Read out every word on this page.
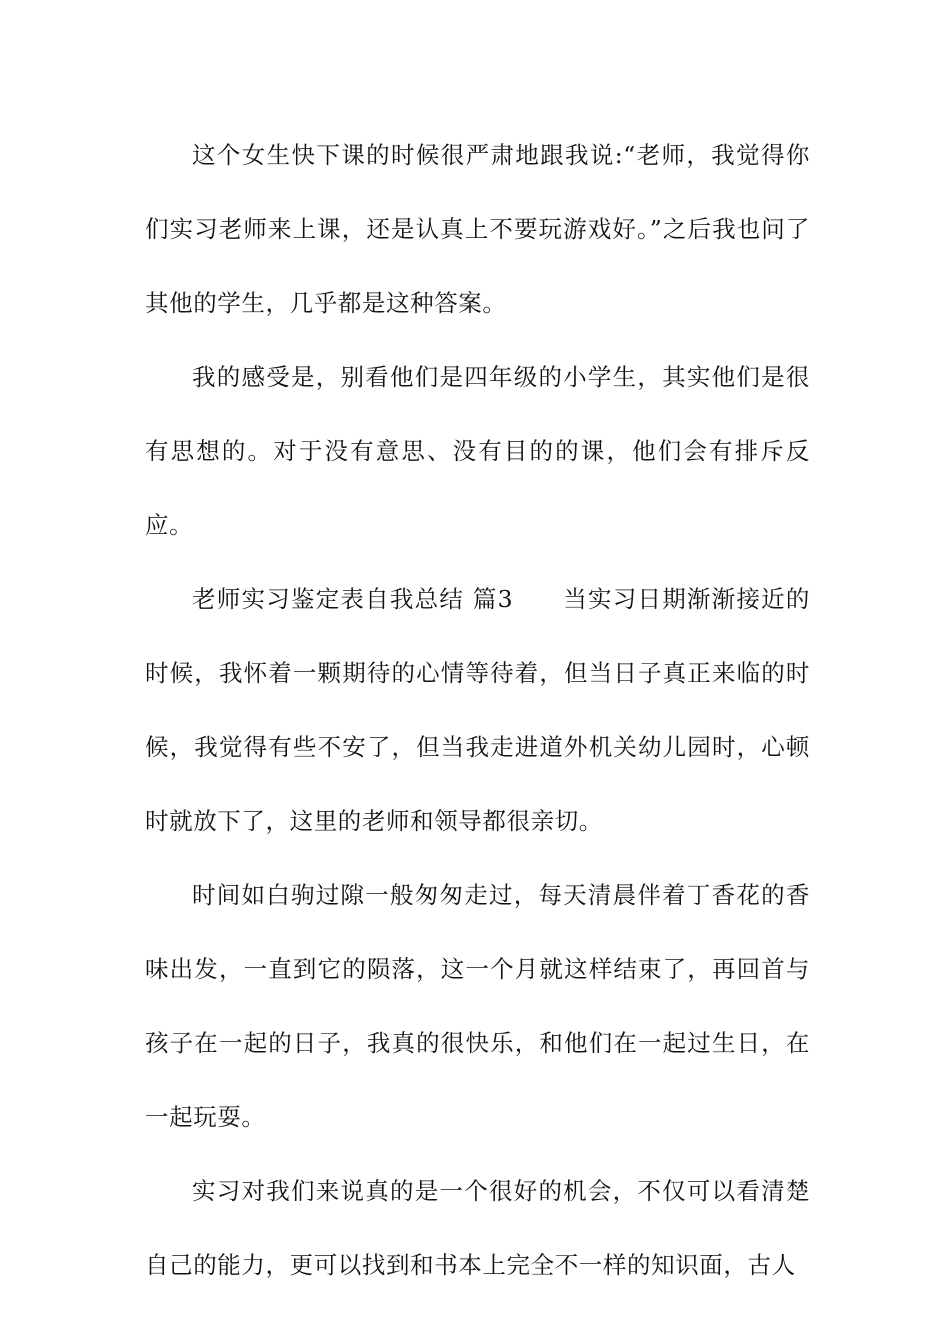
这个女生快下课的时候很严肃地跟我说:“老师，我觉得你们实习老师来上课，还是认真上不要玩游戏好。”之后我也问了其他的学生，几乎都是这种答案。

我的感受是，别看他们是四年级的小学生，其实他们是很有思想的。对于没有意思、没有目的的课，他们会有排斥反应。

老师实习鉴定表自我总结 篇3　　当实习日期渐渐接近的时候，我怀着一颗期待的心情等待着，但当日子真正来临的时候，我觉得有些不安了，但当我走进道外机关幼儿园时，心顿时就放下了，这里的老师和领导都很亲切。

时间如白驹过隙一般匆匆走过，每天清晨伴着丁香花的香味出发，一直到它的陨落，这一个月就这样结束了，再回首与孩子在一起的日子，我真的很快乐，和他们在一起过生日，在一起玩耍。

实习对我们来说真的是一个很好的机会，不仅可以看清楚自己的能力，更可以找到和书本上完全不一样的知识面，古人
